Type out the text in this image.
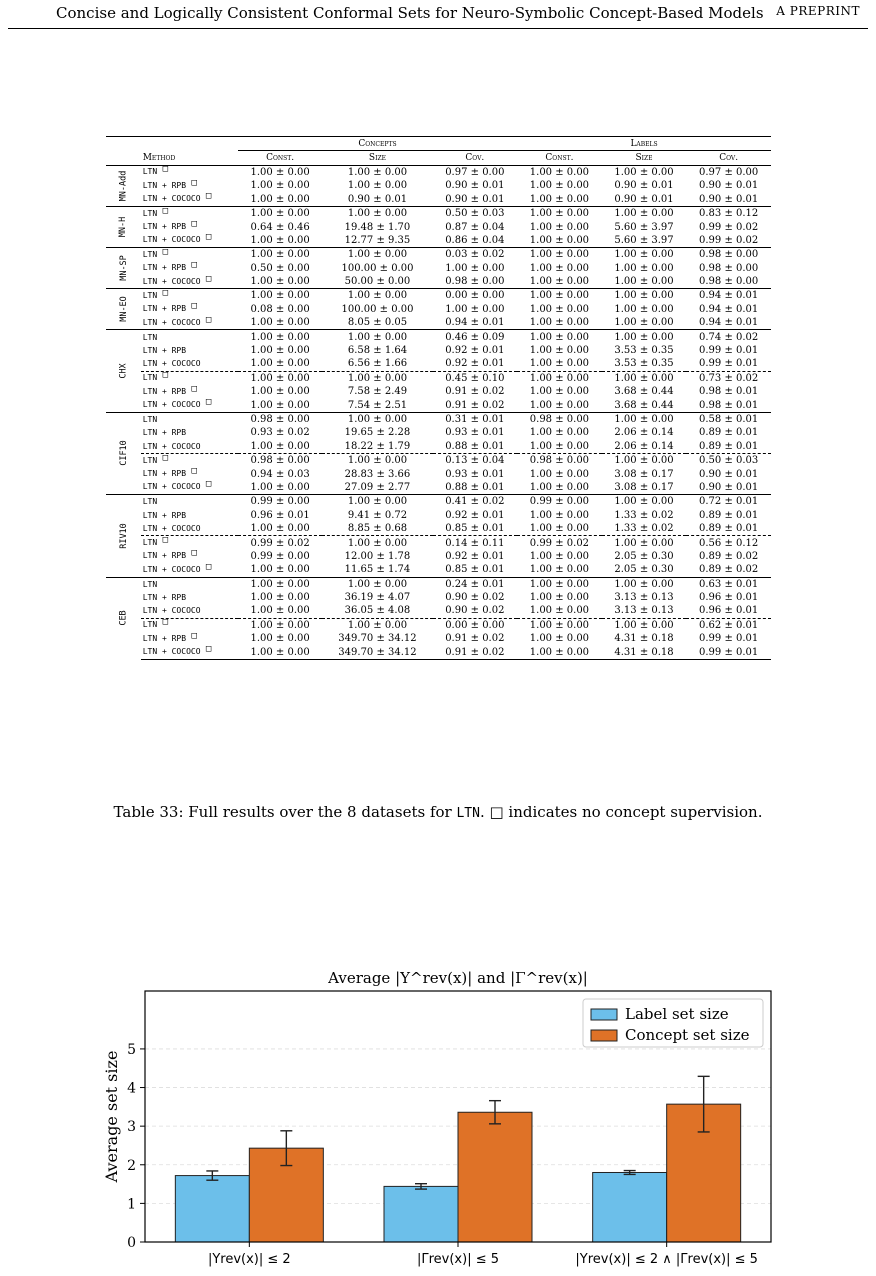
Concise and Logically Consistent Conformal Sets for Neuro-Symbolic Concept-Based Models A PREPRINT
		Concepts			Labels		
	Method	Const.	Size	Cov.	Const.	Size	Cov.
MN-Add	LTN □	1.00 ± 0.00	1.00 ± 0.00	0.97 ± 0.00	1.00 ± 0.00	1.00 ± 0.00	0.97 ± 0.00
	LTN + RPB □	1.00 ± 0.00	1.00 ± 0.00	0.90 ± 0.01	1.00 ± 0.00	0.90 ± 0.01	0.90 ± 0.01
	LTN + COCOCO □	1.00 ± 0.00	0.90 ± 0.01	0.90 ± 0.01	1.00 ± 0.00	0.90 ± 0.01	0.90 ± 0.01
MN-H	LTN □	1.00 ± 0.00	1.00 ± 0.00	0.50 ± 0.03	1.00 ± 0.00	1.00 ± 0.00	0.83 ± 0.12
	LTN + RPB □	0.64 ± 0.46	19.48 ± 1.70	0.87 ± 0.04	1.00 ± 0.00	5.60 ± 3.97	0.99 ± 0.02
	LTN + COCOCO □	1.00 ± 0.00	12.77 ± 9.35	0.86 ± 0.04	1.00 ± 0.00	5.60 ± 3.97	0.99 ± 0.02
MN-SP	LTN □	1.00 ± 0.00	1.00 ± 0.00	0.03 ± 0.02	1.00 ± 0.00	1.00 ± 0.00	0.98 ± 0.00
	LTN + RPB □	0.50 ± 0.00	100.00 ± 0.00	1.00 ± 0.00	1.00 ± 0.00	1.00 ± 0.00	0.98 ± 0.00
	LTN + COCOCO □	1.00 ± 0.00	50.00 ± 0.00	0.98 ± 0.00	1.00 ± 0.00	1.00 ± 0.00	0.98 ± 0.00
MN-EO	LTN □	1.00 ± 0.00	1.00 ± 0.00	0.00 ± 0.00	1.00 ± 0.00	1.00 ± 0.00	0.94 ± 0.01
	LTN + RPB □	0.08 ± 0.00	100.00 ± 0.00	1.00 ± 0.00	1.00 ± 0.00	1.00 ± 0.00	0.94 ± 0.01
	LTN + COCOCO □	1.00 ± 0.00	8.05 ± 0.05	0.94 ± 0.01	1.00 ± 0.00	1.00 ± 0.00	0.94 ± 0.01
CHX	LTN	1.00 ± 0.00	1.00 ± 0.00	0.46 ± 0.09	1.00 ± 0.00	1.00 ± 0.00	0.74 ± 0.02
	LTN + RPB	1.00 ± 0.00	6.58 ± 1.64	0.92 ± 0.01	1.00 ± 0.00	3.53 ± 0.35	0.99 ± 0.01
	LTN + COCOCO	1.00 ± 0.00	6.56 ± 1.66	0.92 ± 0.01	1.00 ± 0.00	3.53 ± 0.35	0.99 ± 0.01
	LTN □	1.00 ± 0.00	1.00 ± 0.00	0.45 ± 0.10	1.00 ± 0.00	1.00 ± 0.00	0.73 ± 0.02
	LTN + RPB □	1.00 ± 0.00	7.58 ± 2.49	0.91 ± 0.02	1.00 ± 0.00	3.68 ± 0.44	0.98 ± 0.01
	LTN + COCOCO □	1.00 ± 0.00	7.54 ± 2.51	0.91 ± 0.02	1.00 ± 0.00	3.68 ± 0.44	0.98 ± 0.01
CIF10	LTN	0.98 ± 0.00	1.00 ± 0.00	0.31 ± 0.01	0.98 ± 0.00	1.00 ± 0.00	0.58 ± 0.01
	LTN + RPB	0.93 ± 0.02	19.65 ± 2.28	0.93 ± 0.01	1.00 ± 0.00	2.06 ± 0.14	0.89 ± 0.01
	LTN + COCOCO	1.00 ± 0.00	18.22 ± 1.79	0.88 ± 0.01	1.00 ± 0.00	2.06 ± 0.14	0.89 ± 0.01
	LTN □	0.98 ± 0.00	1.00 ± 0.00	0.13 ± 0.04	0.98 ± 0.00	1.00 ± 0.00	0.50 ± 0.03
	LTN + RPB □	0.94 ± 0.03	28.83 ± 3.66	0.93 ± 0.01	1.00 ± 0.00	3.08 ± 0.17	0.90 ± 0.01
	LTN + COCOCO □	1.00 ± 0.00	27.09 ± 2.77	0.88 ± 0.01	1.00 ± 0.00	3.08 ± 0.17	0.90 ± 0.01
RIV10	LTN	0.99 ± 0.00	1.00 ± 0.00	0.41 ± 0.02	0.99 ± 0.00	1.00 ± 0.00	0.72 ± 0.01
	LTN + RPB	0.96 ± 0.01	9.41 ± 0.72	0.92 ± 0.01	1.00 ± 0.00	1.33 ± 0.02	0.89 ± 0.01
	LTN + COCOCO	1.00 ± 0.00	8.85 ± 0.68	0.85 ± 0.01	1.00 ± 0.00	1.33 ± 0.02	0.89 ± 0.01
	LTN □	0.99 ± 0.02	1.00 ± 0.00	0.14 ± 0.11	0.99 ± 0.02	1.00 ± 0.00	0.56 ± 0.12
	LTN + RPB □	0.99 ± 0.00	12.00 ± 1.78	0.92 ± 0.01	1.00 ± 0.00	2.05 ± 0.30	0.89 ± 0.02
	LTN + COCOCO □	1.00 ± 0.00	11.65 ± 1.74	0.85 ± 0.01	1.00 ± 0.00	2.05 ± 0.30	0.89 ± 0.02
CEB	LTN	1.00 ± 0.00	1.00 ± 0.00	0.24 ± 0.01	1.00 ± 0.00	1.00 ± 0.00	0.63 ± 0.01
	LTN + RPB	1.00 ± 0.00	36.19 ± 4.07	0.90 ± 0.02	1.00 ± 0.00	3.13 ± 0.13	0.96 ± 0.01
	LTN + COCOCO	1.00 ± 0.00	36.05 ± 4.08	0.90 ± 0.02	1.00 ± 0.00	3.13 ± 0.13	0.96 ± 0.01
	LTN □	1.00 ± 0.00	1.00 ± 0.00	0.00 ± 0.00	1.00 ± 0.00	1.00 ± 0.00	0.62 ± 0.01
	LTN + RPB □	1.00 ± 0.00	349.70 ± 34.12	0.91 ± 0.02	1.00 ± 0.00	4.31 ± 0.18	0.99 ± 0.01
	LTN + COCOCO □	1.00 ± 0.00	349.70 ± 34.12	0.91 ± 0.02	1.00 ± 0.00	4.31 ± 0.18	0.99 ± 0.01
Table 33: Full results over the 8 datasets for LTN. □ indicates no concept supervision.
0
1
2
3
4
5
|Υrev(x)| ≤ 2	|Γrev(x)| ≤ 5	|Υrev(x)| ≤ 2 ∧ |Γrev(x)| ≤ 5
Average |Υ^rev(x)| and |Γ^rev(x)|
Average set size
Label set size
Concept set size
